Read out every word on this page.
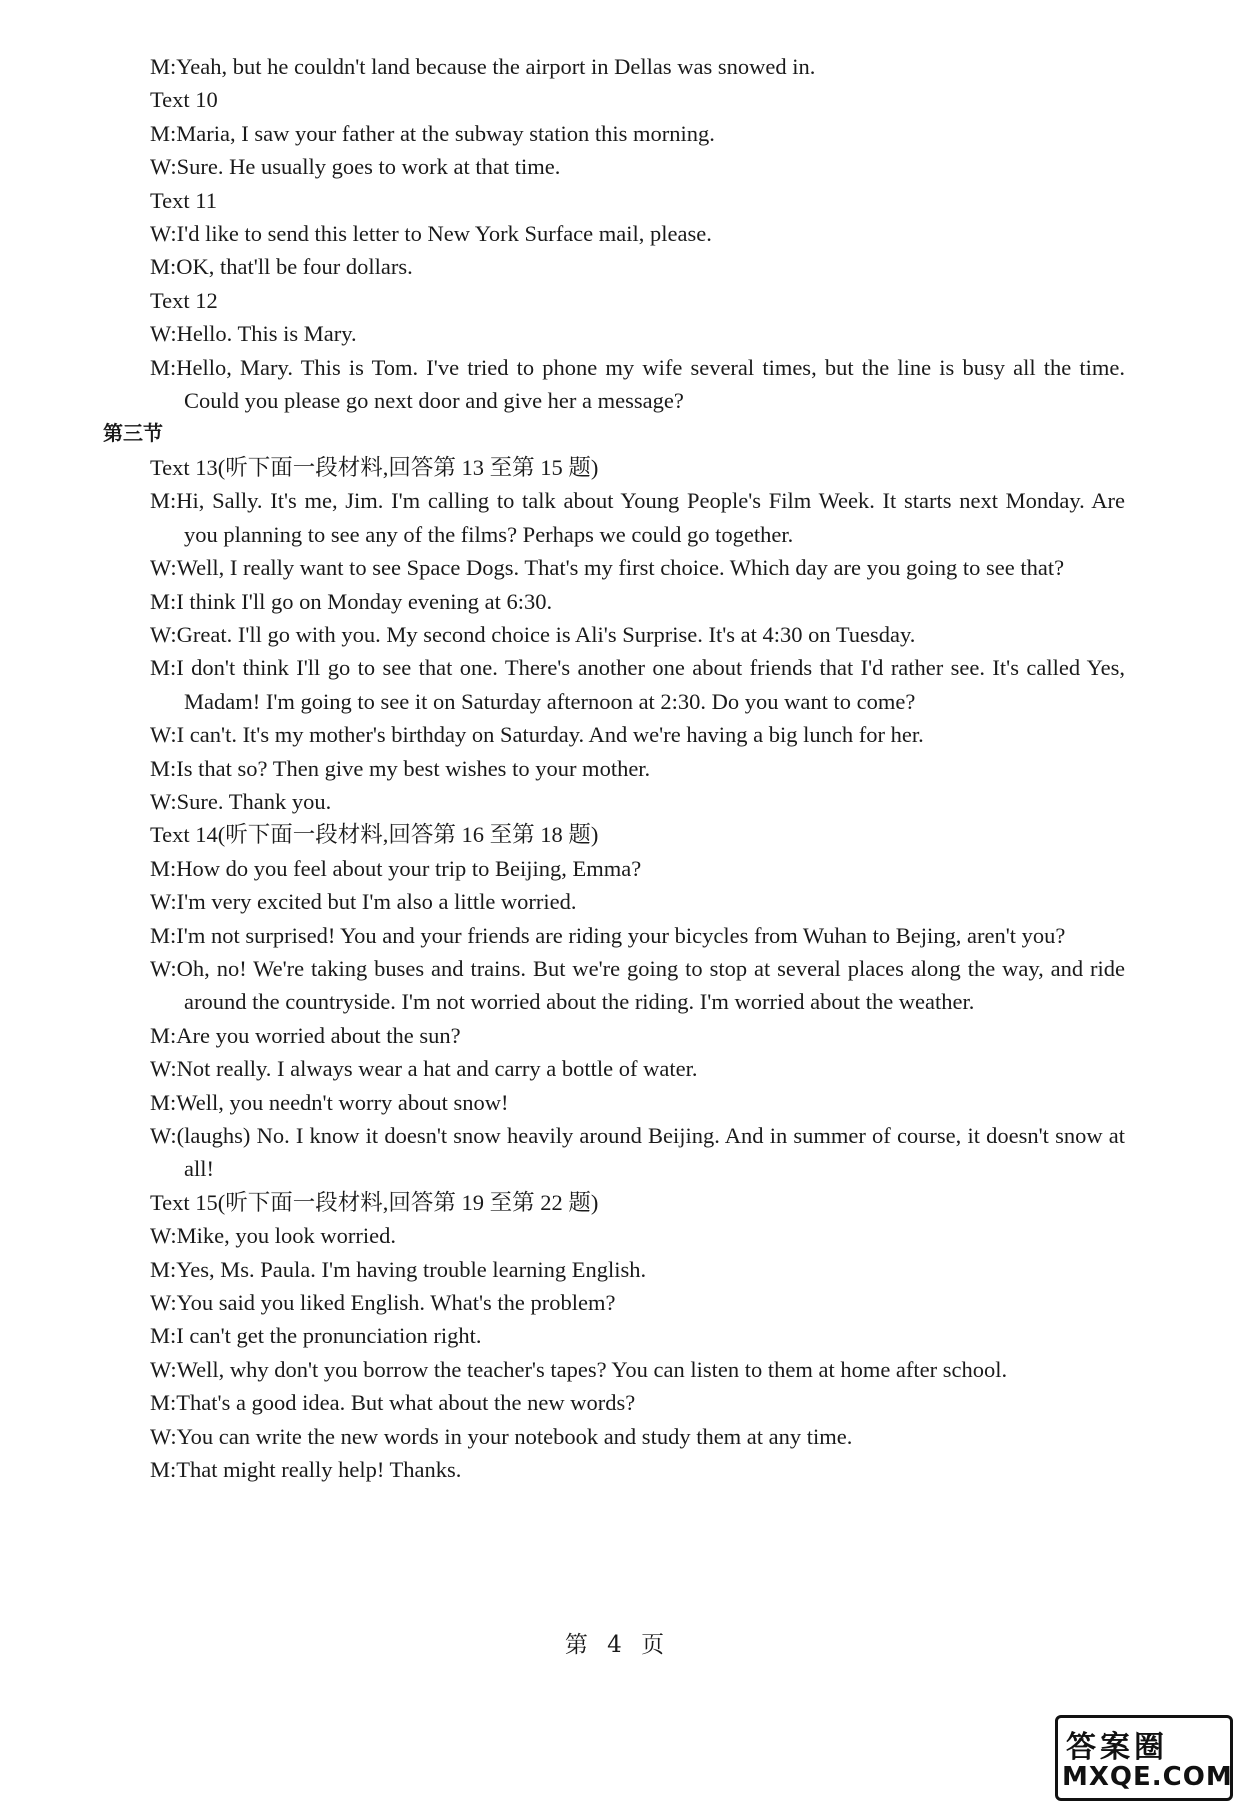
M:Yeah, but he couldn't land because the airport in Dellas was snowed in.
Text 10
M:Maria, I saw your father at the subway station this morning.
W:Sure. He usually goes to work at that time.
Text 11
W:I'd like to send this letter to New York Surface mail, please.
M:OK, that'll be four dollars.
Text 12
W:Hello. This is Mary.
M:Hello, Mary. This is Tom. I've tried to phone my wife several times, but the line is busy all the time. Could you please go next door and give her a message?
第三节
Text 13(听下面一段材料,回答第 13 至第 15 题)
M:Hi, Sally. It's me, Jim. I'm calling to talk about Young People's Film Week. It starts next Monday. Are you planning to see any of the films? Perhaps we could go together.
W:Well, I really want to see Space Dogs. That's my first choice. Which day are you going to see that?
M:I think I'll go on Monday evening at 6:30.
W:Great. I'll go with you. My second choice is Ali's Surprise. It's at 4:30 on Tuesday.
M:I don't think I'll go to see that one. There's another one about friends that I'd rather see. It's called Yes, Madam! I'm going to see it on Saturday afternoon at 2:30. Do you want to come?
W:I can't. It's my mother's birthday on Saturday. And we're having a big lunch for her.
M:Is that so? Then give my best wishes to your mother.
W:Sure. Thank you.
Text 14(听下面一段材料,回答第 16 至第 18 题)
M:How do you feel about your trip to Beijing, Emma?
W:I'm very excited but I'm also a little worried.
M:I'm not surprised! You and your friends are riding your bicycles from Wuhan to Bejing, aren't you?
W:Oh, no! We're taking buses and trains. But we're going to stop at several places along the way, and ride around the countryside. I'm not worried about the riding. I'm worried about the weather.
M:Are you worried about the sun?
W:Not really. I always wear a hat and carry a bottle of water.
M:Well, you needn't worry about snow!
W:(laughs) No. I know it doesn't snow heavily around Beijing. And in summer of course, it doesn't snow at all!
Text 15(听下面一段材料,回答第 19 至第 22 题)
W:Mike, you look worried.
M:Yes, Ms. Paula. I'm having trouble learning English.
W:You said you liked English. What's the problem?
M:I can't get the pronunciation right.
W:Well, why don't you borrow the teacher's tapes? You can listen to them at home after school.
M:That's a good idea. But what about the new words?
W:You can write the new words in your notebook and study them at any time.
M:That might really help! Thanks.
第 4 页
答案圈
MXQE.COM
